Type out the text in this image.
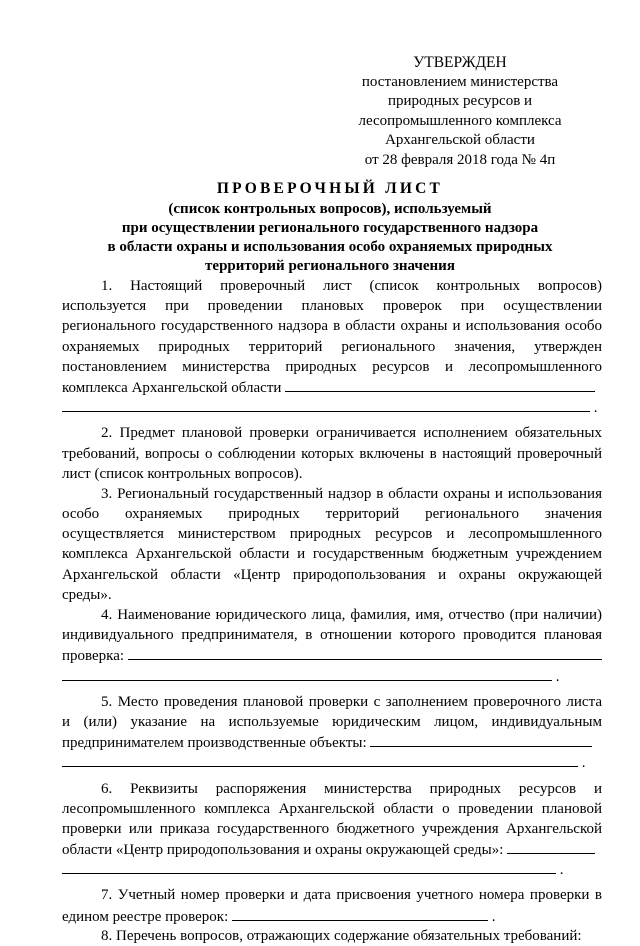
УТВЕРЖДЕН
постановлением министерства
природных ресурсов и
лесопромышленного комплекса
Архангельской области
от 28 февраля 2018 года № 4п
ПРОВЕРОЧНЫЙ ЛИСТ
(список контрольных вопросов), используемый
при осуществлении регионального государственного надзора
в области охраны и использования особо охраняемых природных
территорий регионального значения
1. Настоящий проверочный лист (список контрольных вопросов)
используется при проведении плановых проверок при осуществлении
регионального государственного надзора в области охраны и использования особо
охраняемых природных территорий регионального значения, утвержден
постановлением министерства природных ресурсов и лесопромышленного
комплекса Архангельской области
.
2. Предмет плановой проверки ограничивается исполнением обязательных
требований, вопросы о соблюдении которых включены в настоящий проверочный
лист (список контрольных вопросов).
3. Региональный государственный надзор в области охраны и использования
особо охраняемых природных территорий регионального значения
осуществляется министерством природных ресурсов и лесопромышленного
комплекса Архангельской области и государственным бюджетным учреждением
Архангельской области «Центр природопользования и охраны окружающей
среды».
4. Наименование юридического лица, фамилия, имя, отчество (при наличии)
индивидуального предпринимателя, в отношении которого проводится плановая
проверка:
.
5. Место проведения плановой проверки с заполнением проверочного листа
и (или) указание на используемые юридическим лицом, индивидуальным
предпринимателем производственные объекты:
.
6. Реквизиты распоряжения министерства природных ресурсов и
лесопромышленного комплекса Архангельской области о проведении плановой
проверки или приказа государственного бюджетного учреждения Архангельской
области «Центр природопользования и охраны окружающей среды»:
.
7. Учетный номер проверки и дата присвоения учетного номера проверки в
едином реестре проверок:	.
8. Перечень вопросов, отражающих содержание обязательных требований:
